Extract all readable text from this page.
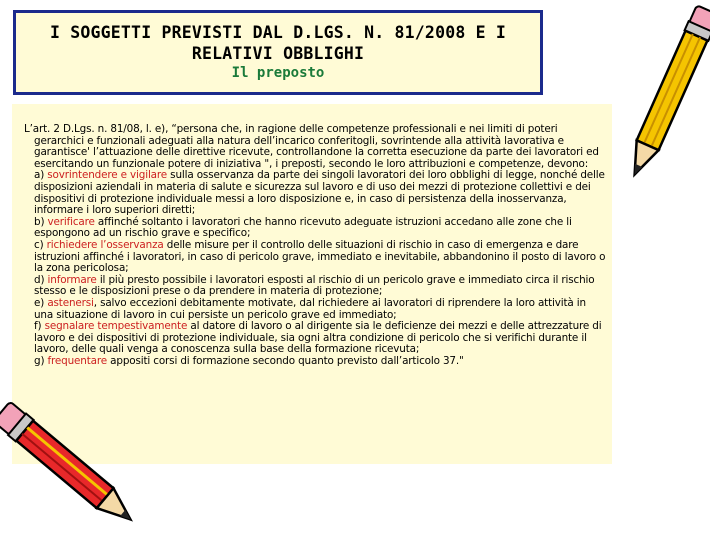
I SOGGETTI PREVISTI DAL D.LGS. N. 81/2008 E I
RELATIVI OBBLIGHI
Il preposto

L’art. 2 D.Lgs. n. 81/08, l. e), “persona che, in ragione delle competenze professionali e nei limiti di poteri gerarchici e funzionali adeguati alla natura dell’incarico conferitogli, sovrintende alla attività lavorativa e garantisce' l’attuazione delle direttive ricevute, controllandone la corretta esecuzione da parte dei lavoratori ed esercitando un funzionale potere di iniziativa ", i preposti, secondo le loro attribuzioni e competenze, devono:

a) sovrintendere e vigilare sulla osservanza da parte dei singoli lavoratori dei loro obblighi di legge, nonché delle disposizioni aziendali in materia di salute e sicurezza sul lavoro e di uso dei mezzi di protezione collettivi e dei dispositivi di protezione individuale messi a loro disposizione e, in caso di persistenza della inosservanza, informare i loro superiori diretti;

b) verificare affinché soltanto i lavoratori che hanno ricevuto adeguate istruzioni accedano alle zone che li espongono ad un rischio grave e specifico;

c) richiedere l’osservanza delle misure per il controllo delle situazioni di rischio in caso di emergenza e dare istruzioni affinché i lavoratori, in caso di pericolo grave, immediato e inevitabile, abbandonino il posto di lavoro o la zona pericolosa;

d) informare il più presto possibile i lavoratori esposti al rischio di un pericolo grave e immediato circa il rischio stesso e le disposizioni prese o da prendere in materia di protezione;

e) astenersi, salvo eccezioni debitamente motivate, dal richiedere ai lavoratori di riprendere la loro attività in una situazione di lavoro in cui persiste un pericolo grave ed immediato;

f) segnalare tempestivamente al datore di lavoro o al dirigente sia le deficienze dei mezzi e delle attrezzature di lavoro e dei dispositivi di protezione individuale, sia ogni altra condizione di pericolo che si verifichi durante il lavoro, delle quali venga a conoscenza sulla base della formazione ricevuta;

g) frequentare appositi corsi di formazione secondo quanto previsto dall’articolo 37."
